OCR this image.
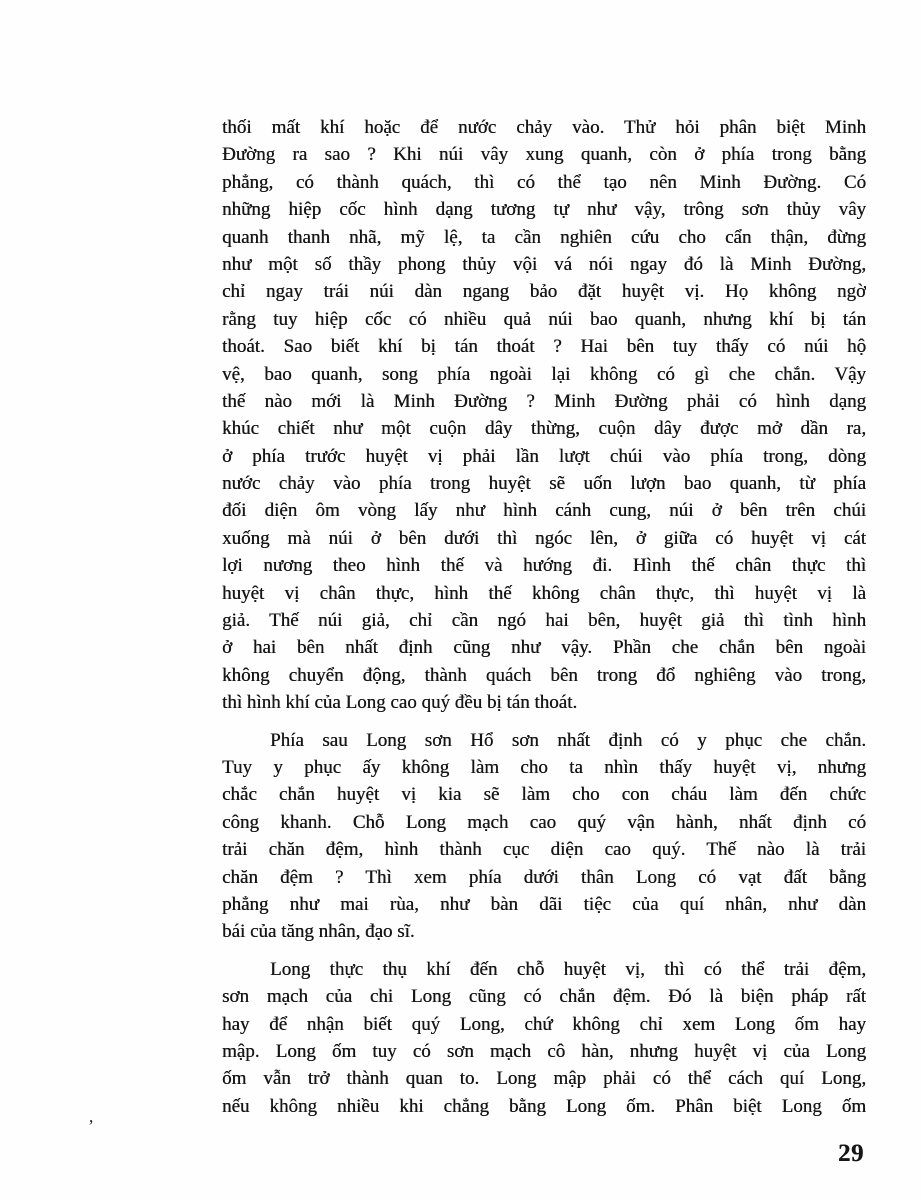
thối mất khí hoặc để nước chảy vào. Thử hỏi phân biệt Minh
Đường ra sao ? Khi núi vây xung quanh, còn ở phía trong bằng
phẳng, có thành quách, thì có thể tạo nên Minh Đường. Có
những hiệp cốc hình dạng tương tự như vậy, trông sơn thủy vây
quanh thanh nhã, mỹ lệ, ta cần nghiên cứu cho cẩn thận, đừng
như một số thầy phong thủy vội vá nói ngay đó là Minh Đường,
chỉ ngay trái núi dàn ngang bảo đặt huyệt vị. Họ không ngờ
rằng tuy hiệp cốc có nhiều quả núi bao quanh, nhưng khí bị tán
thoát. Sao biết khí bị tán thoát ? Hai bên tuy thấy có núi hộ
vệ, bao quanh, song phía ngoài lại không có gì che chắn. Vậy
thế nào mới là Minh Đường ? Minh Đường phải có hình dạng
khúc chiết như một cuộn dây thừng, cuộn dây được mở dần ra,
ở phía trước huyệt vị phải lần lượt chúi vào phía trong, dòng
nước chảy vào phía trong huyệt sẽ uốn lượn bao quanh, từ phía
đối diện ôm vòng lấy như hình cánh cung, núi ở bên trên chúi
xuống mà núi ở bên dưới thì ngóc lên, ở giữa có huyệt vị cát
lợi nương theo hình thế và hướng đi. Hình thế chân thực thì
huyệt vị chân thực, hình thế không chân thực, thì huyệt vị là
giả. Thế núi giả, chỉ cần ngó hai bên, huyệt giả thì tình hình
ở hai bên nhất định cũng như vậy. Phần che chắn bên ngoài
không chuyển động, thành quách bên trong đổ nghiêng vào trong,
thì hình khí của Long cao quý đều bị tán thoát.
Phía sau Long sơn Hổ sơn nhất định có y phục che chắn.
Tuy y phục ấy không làm cho ta nhìn thấy huyệt vị, nhưng
chắc chắn huyệt vị kia sẽ làm cho con cháu làm đến chức
công khanh. Chỗ Long mạch cao quý vận hành, nhất định có
trải chăn đệm, hình thành cục diện cao quý. Thế nào là trải
chăn đệm ? Thì xem phía dưới thân Long có vạt đất bằng
phẳng như mai rùa, như bàn dãi tiệc của quí nhân, như dàn
bái của tăng nhân, đạo sĩ.
Long thực thụ khí đến chỗ huyệt vị, thì có thể trải đệm,
sơn mạch của chi Long cũng có chắn đệm. Đó là biện pháp rất
hay để nhận biết quý Long, chứ không chỉ xem Long ốm hay
mập. Long ốm tuy có sơn mạch cô hàn, nhưng huyệt vị của Long
ốm vẫn trở thành quan to. Long mập phải có thể cách quí Long,
nếu không nhiều khi chẳng bằng Long ốm. Phân biệt Long ốm
’
29
